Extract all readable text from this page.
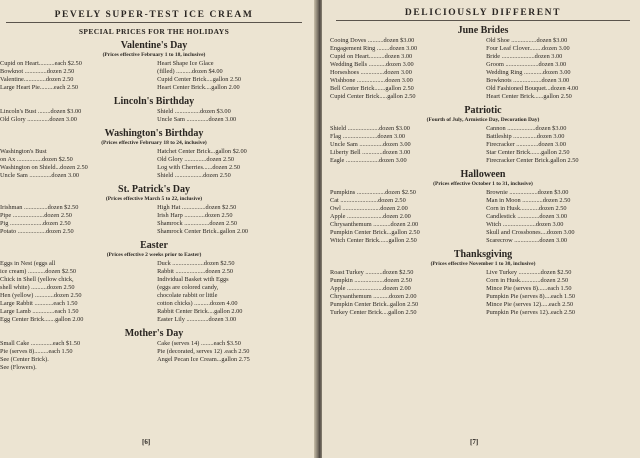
PEVELY SUPER-TEST ICE CREAM
SPECIAL PRICES FOR THE HOLIDAYS
Valentine's Day
(Prices effective February 1 to 18, inclusive)
Cupid on Heart..........each $2.50
Bowknot ..............dozen 2.50
Valentine..............dozen 2.50
Large Heart Pie.........each 2.50
Heart Shape Ice Glace
(filled) ..........dozen $4.00
Cupid Center Brick....gallon 2.50
Heart Center Brick....gallon 2.00
Lincoln's Birthday
Lincoln's Bust ........dozen $3.00
Old Glory ..............dozen 3.00
Shield ................dozen $3.00
Uncle Sam ..............dozen 3.00
Washington's Birthday
(Prices effective February 18 to 24, inclusive)
Washington's Bust
on Ax ................dozen $2.50
Washington on Shield...dozen 2.50
Uncle Sam ..............dozen 3.00
Hatchet Center Brick...gallon $2.00
Old Glory ..............dozen 2.50
Log with Cherries......dozen 2.50
Shield ..................dozen 2.50
St. Patrick's Day
(Prices effective March 5 to 22, inclusive)
Irishman ...............dozen $2.50
Pipe ....................dozen 2.50
Pig .....................dozen 2.50
Potato ..................dozen 2.50
High Hat ...............dozen $2.50
Irish Harp .............dozen 2.50
Shamrock ................dozen 2.50
Shamrock Center Brick..gallon 2.00
Easter
(Prices effective 2 weeks prior to Easter)
Eggs in Nest (eggs all
ice cream) ...........dozen $2.50
Chick in Shell (yellow chick,
shell white) ..........dozen 2.50
Hen (yellow) ............dozen 2.50
Large Rabbit ............each 1.50
Large Lamb ..............each 1.50
Egg Center Brick.......gallon 2.00
Duck ....................dozen $2.50
Rabbit ...................dozen 2.50
Individual Basket with Eggs
(eggs are colored candy,
chocolate rabbit or little
cotton chicks) ..........dozen 4.00
Rabbit Center Brick....gallon 2.00
Easter Lily ..............dozen 3.00
Mother's Day
Small Cake ..............each $1.50
Pie (serves 8).........each 1.50
See (Center Brick).
See (Flowers).
Cake (serves 14) ........each $3.50
Pie (decorated, serves 12) .each 2.50
Angel Pecan Ice Cream...gallon 2.75
[6]
DELICIOUSLY DIFFERENT
June Brides
Cooing Doves ..........dozen $3.00
Engagement Ring ........dozen 3.00
Cupid on Heart..........dozen 3.00
Wedding Bells ...........dozen 3.00
Horseshoes ...............dozen 3.00
Wishbone ..................dozen 3.00
Bell Center Brick.......gallon 2.50
Cupid Center Brick.....gallon 2.50
Old Shoe ................dozen $3.00
Four Leaf Clover........dozen 3.00
Bride .....................dozen 3.00
Groom .....................dozen 3.00
Wedding Ring ............dozen 3.00
Bowknots ..................dozen 3.00
Old Fashioned Bouquet...dozen 4.00
Heart Center Brick......gallon 2.50
Patriotic
(Fourth of July, Armistice Day, Decoration Day)
Shield ....................dozen $3.00
Flag ......................dozen 3.00
Uncle Sam ...............dozen 3.00
Liberty Bell .............dozen 3.00
Eagle .....................dozen 3.00
Cannon ..................dozen $3.00
Battleship ...............dozen 3.00
Firecracker ..............dozen 3.00
Star Center Brick.......gallon 2.50
Firecracker Center Brick.gallon 2.50
Halloween
(Prices effective October 1 to 31, inclusive)
Pumpkins ..................dozen $2.50
Cat ........................dozen 2.50
Owl ........................dozen 2.00
Apple .......................dozen 2.00
Chrysanthemum ...........dozen 2.00
Pumpkin Center Brick...gallon 2.50
Witch Center Brick......gallon 2.50
Brownie ..................dozen $3.00
Man in Moon .............dozen 2.50
Corn in Husk............dozen 2.50
Candlestick ..............dozen 3.00
Witch .....................dozen 3.00
Skull and Crossbones....dozen 3.00
Scarecrow ................dozen 3.00
Thanksgiving
(Prices effective November 1 to 30, inclusive)
Roast Turkey ...........dozen $2.50
Pumpkin ...................dozen 2.50
Apple .......................dozen 2.00
Chrysanthemum ..........dozen 2.00
Pumpkin Center Brick..gallon 2.50
Turkey Center Brick....gallon 2.50
Live Turkey ..............dozen $2.50
Corn in Husk.............dozen 2.50
Mince Pie (serves 8)......each 1.50
Pumpkin Pie (serves 8)....each 1.50
Mince Pie (serves 12).....each 2.50
Pumpkin Pie (serves 12)..each 2.50
[7]
